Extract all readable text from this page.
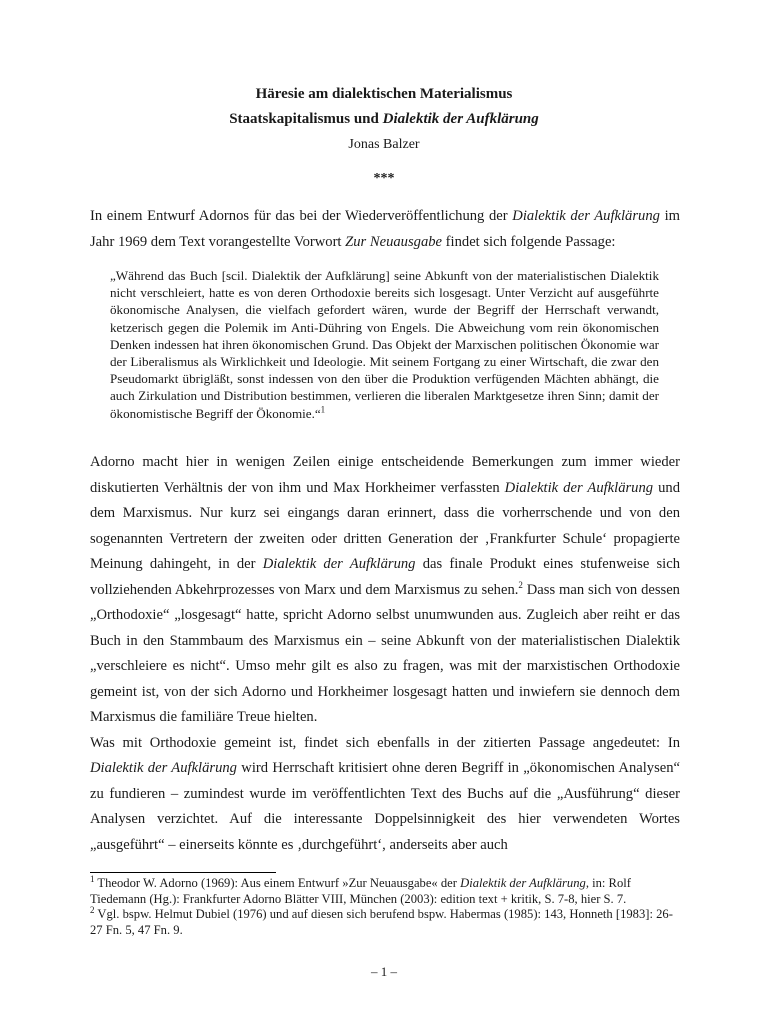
Häresie am dialektischen Materialismus
Staatskapitalismus und Dialektik der Aufklärung
Jonas Balzer
***

In einem Entwurf Adornos für das bei der Wiederveröffentlichung der Dialektik der Aufklärung im Jahr 1969 dem Text vorangestellte Vorwort Zur Neuausgabe findet sich folgende Passage:

„Während das Buch [scil. Dialektik der Aufklärung] seine Abkunft von der materialistischen Dialektik nicht verschleiert, hatte es von deren Orthodoxie bereits sich losgesagt. Unter Verzicht auf ausgeführte ökonomische Analysen, die vielfach gefordert wären, wurde der Begriff der Herrschaft verwandt, ketzerisch gegen die Polemik im Anti-Dühring von Engels. Die Abweichung vom rein ökonomischen Denken indessen hat ihren ökonomischen Grund. Das Objekt der Marxischen politischen Ökonomie war der Liberalismus als Wirklichkeit und Ideologie. Mit seinem Fortgang zu einer Wirtschaft, die zwar den Pseudomarkt übrigläßt, sonst indessen von den über die Produktion verfügenden Mächten abhängt, die auch Zirkulation und Distribution bestimmen, verlieren die liberalen Marktgesetze ihren Sinn; damit der ökonomistische Begriff der Ökonomie.“$^1$

Adorno macht hier in wenigen Zeilen einige entscheidende Bemerkungen zum immer wieder diskutierten Verhältnis der von ihm und Max Horkheimer verfassten Dialektik der Aufklärung und dem Marxismus. Nur kurz sei eingangs daran erinnert, dass die vorherrschende und von den sogenannten Vertretern der zweiten oder dritten Generation der ‚Frankfurter Schule‘ propagierte Meinung dahingeht, in der Dialektik der Aufklärung das finale Produkt eines stufenweise sich vollziehenden Abkehrprozesses von Marx und dem Marxismus zu sehen.$^2$ Dass man sich von dessen „Orthodoxie“ „losgesagt“ hatte, spricht Adorno selbst unumwunden aus. Zugleich aber reiht er das Buch in den Stammbaum des Marxismus ein – seine Abkunft von der materialistischen Dialektik „verschleiere es nicht“. Umso mehr gilt es also zu fragen, was mit der marxistischen Orthodoxie gemeint ist, von der sich Adorno und Horkheimer losgesagt hatten und inwiefern sie dennoch dem Marxismus die familiäre Treue hielten.

Was mit Orthodoxie gemeint ist, findet sich ebenfalls in der zitierten Passage angedeutet: In Dialektik der Aufklärung wird Herrschaft kritisiert ohne deren Begriff in „ökonomischen Analysen“ zu fundieren – zumindest wurde im veröffentlichten Text des Buchs auf die „Ausführung“ dieser Analysen verzichtet. Auf die interessante Doppelsinnigkeit des hier verwendeten Wortes „ausgeführt“ – einerseits könnte es ‚durchgeführt‘, anderseits aber auch

$^1$ Theodor W. Adorno (1969): Aus einem Entwurf »Zur Neuausgabe« der Dialektik der Aufklärung, in: Rolf Tiedemann (Hg.): Frankfurter Adorno Blätter VIII, München (2003): edition text + kritik, S. 7-8, hier S. 7.

$^2$ Vgl. bspw. Helmut Dubiel (1976) und auf diesen sich berufend bspw. Habermas (1985): 143, Honneth [1983]: 26-27 Fn. 5, 47 Fn. 9.

– 1 –
